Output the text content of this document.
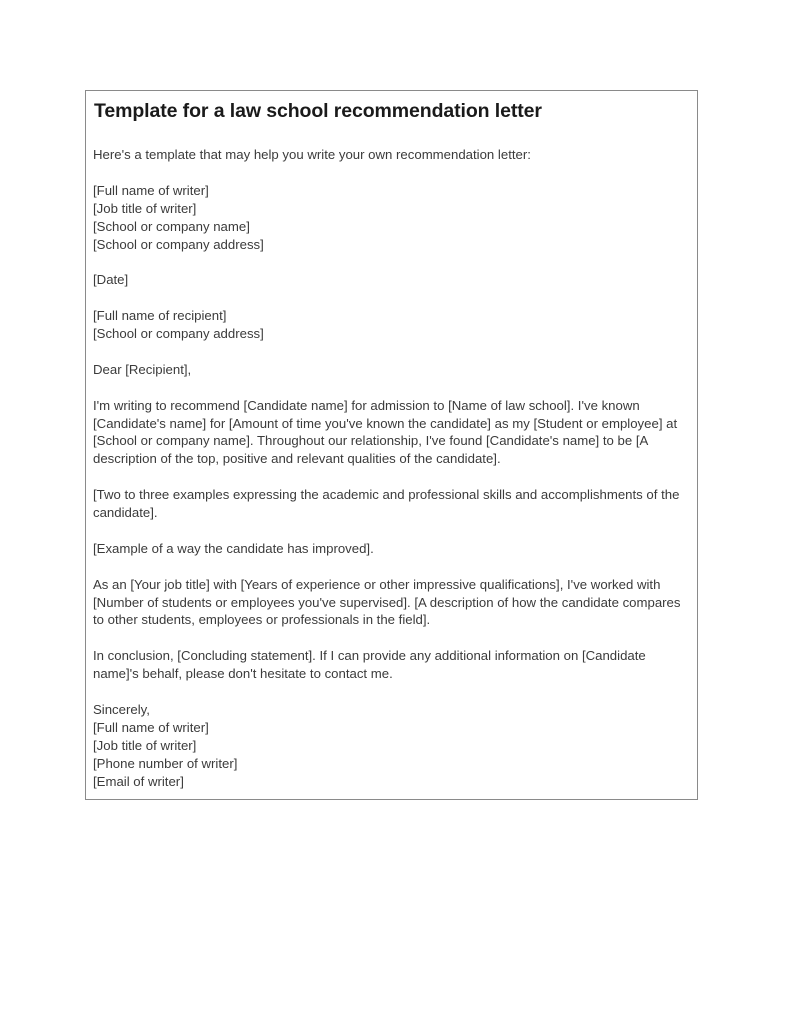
Template for a law school recommendation letter
Here's a template that may help you write your own recommendation letter:
[Full name of writer]
[Job title of writer]
[School or company name]
[School or company address]
[Date]
[Full name of recipient]
[School or company address]
Dear [Recipient],
I'm writing to recommend [Candidate name] for admission to [Name of law school]. I've known [Candidate's name] for [Amount of time you've known the candidate] as my [Student or employee] at [School or company name]. Throughout our relationship, I've found [Candidate's name] to be [A description of the top, positive and relevant qualities of the candidate].
[Two to three examples expressing the academic and professional skills and accomplishments of the candidate].
[Example of a way the candidate has improved].
As an [Your job title] with [Years of experience or other impressive qualifications], I've worked with [Number of students or employees you've supervised]. [A description of how the candidate compares to other students, employees or professionals in the field].
In conclusion, [Concluding statement]. If I can provide any additional information on [Candidate name]'s behalf, please don't hesitate to contact me.
Sincerely,
[Full name of writer]
[Job title of writer]
[Phone number of writer]
[Email of writer]
